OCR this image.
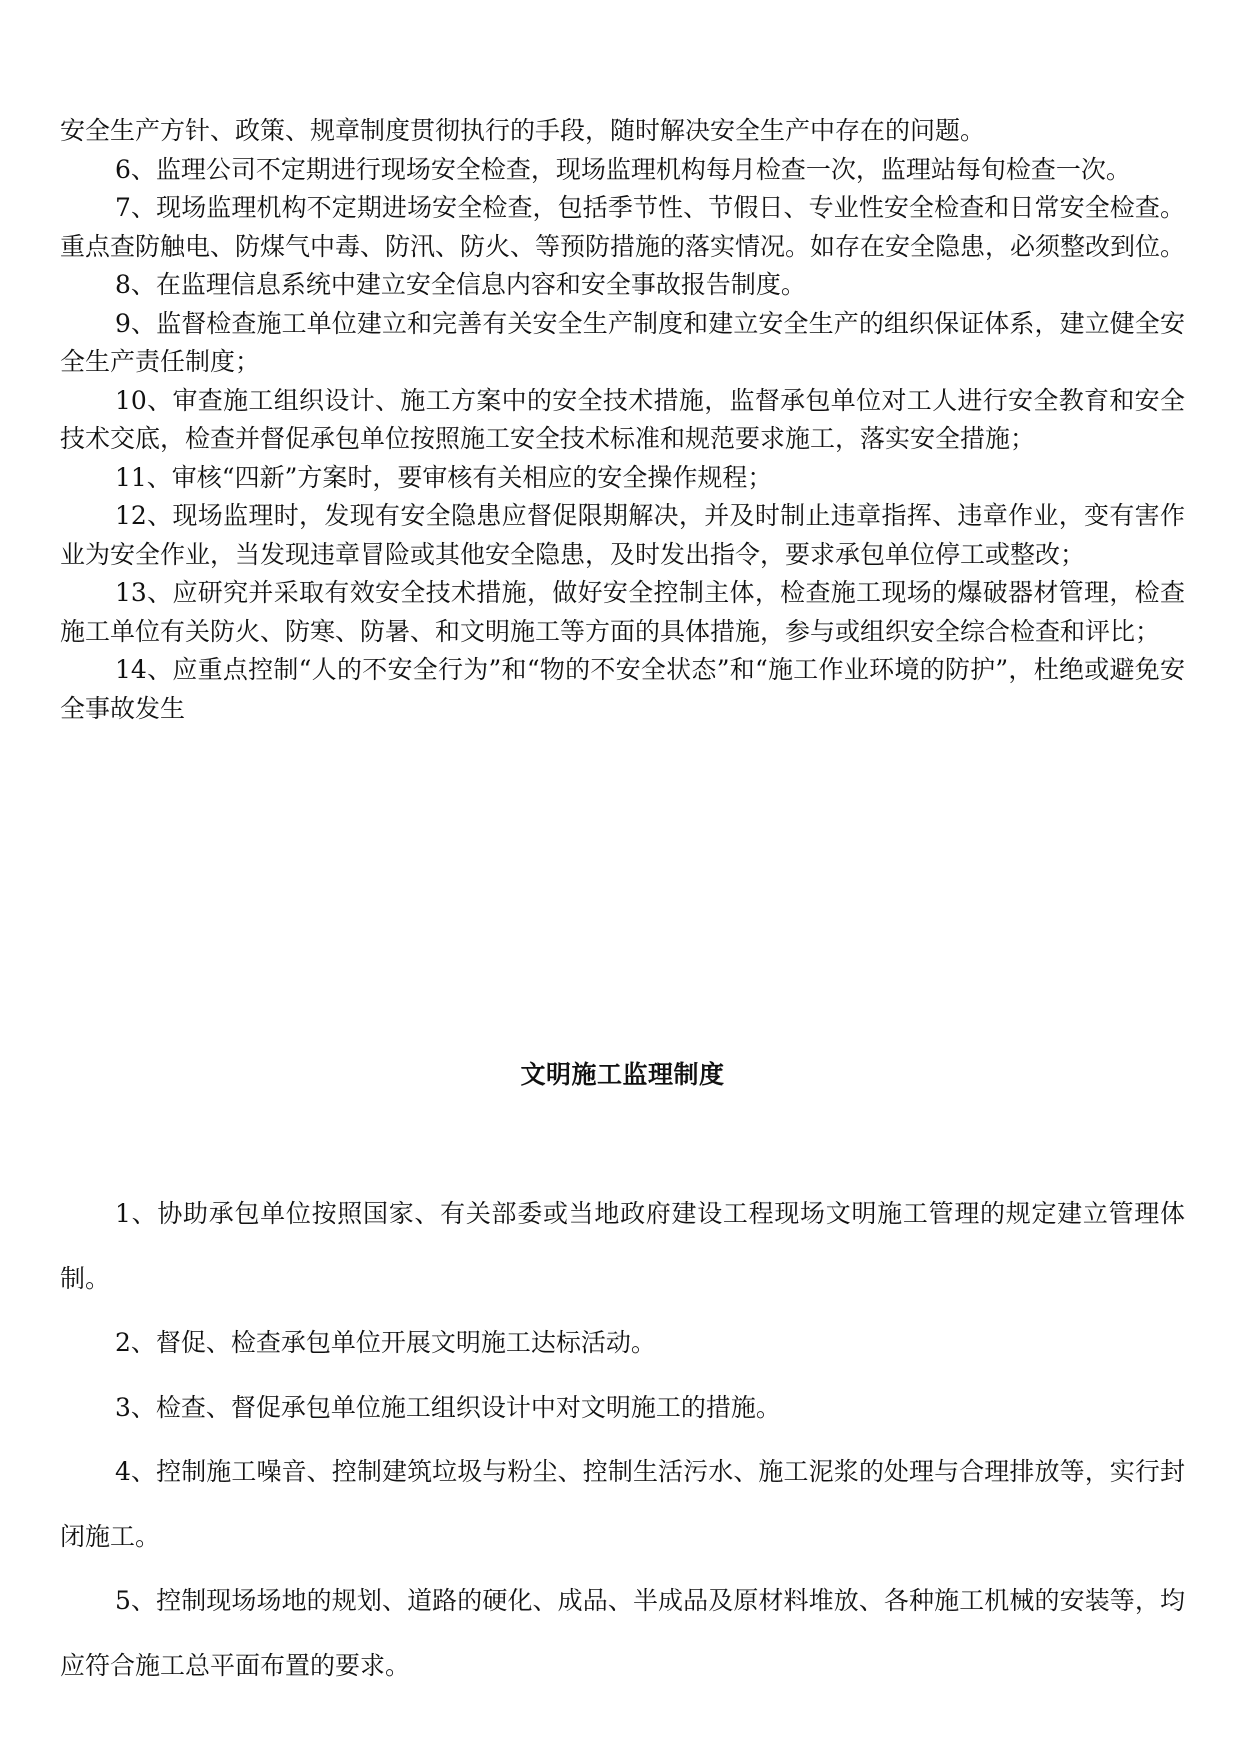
安全生产方针、政策、规章制度贯彻执行的手段，随时解决安全生产中存在的问题。

6、监理公司不定期进行现场安全检查，现场监理机构每月检查一次，监理站每旬检查一次。

7、现场监理机构不定期进场安全检查，包括季节性、节假日、专业性安全检查和日常安全检查。重点查防触电、防煤气中毒、防汛、防火、等预防措施的落实情况。如存在安全隐患，必须整改到位。

8、在监理信息系统中建立安全信息内容和安全事故报告制度。

9、监督检查施工单位建立和完善有关安全生产制度和建立安全生产的组织保证体系，建立健全安全生产责任制度；

10、审查施工组织设计、施工方案中的安全技术措施，监督承包单位对工人进行安全教育和安全技术交底，检查并督促承包单位按照施工安全技术标准和规范要求施工，落实安全措施；

11、审核“四新”方案时，要审核有关相应的安全操作规程；

12、现场监理时，发现有安全隐患应督促限期解决，并及时制止违章指挥、违章作业，变有害作业为安全作业，当发现违章冒险或其他安全隐患，及时发出指令，要求承包单位停工或整改；

13、应研究并采取有效安全技术措施，做好安全控制主体，检查施工现场的爆破器材管理，检查施工单位有关防火、防寒、防暑、和文明施工等方面的具体措施，参与或组织安全综合检查和评比；

14、应重点控制“人的不安全行为”和“物的不安全状态”和“施工作业环境的防护”，杜绝或避免安全事故发生

文明施工监理制度

1、协助承包单位按照国家、有关部委或当地政府建设工程现场文明施工管理的规定建立管理体制。

2、督促、检查承包单位开展文明施工达标活动。

3、检查、督促承包单位施工组织设计中对文明施工的措施。

4、控制施工噪音、控制建筑垃圾与粉尘、控制生活污水、施工泥浆的处理与合理排放等，实行封闭施工。

5、控制现场场地的规划、道路的硬化、成品、半成品及原材料堆放、各种施工机械的安装等，均应符合施工总平面布置的要求。
